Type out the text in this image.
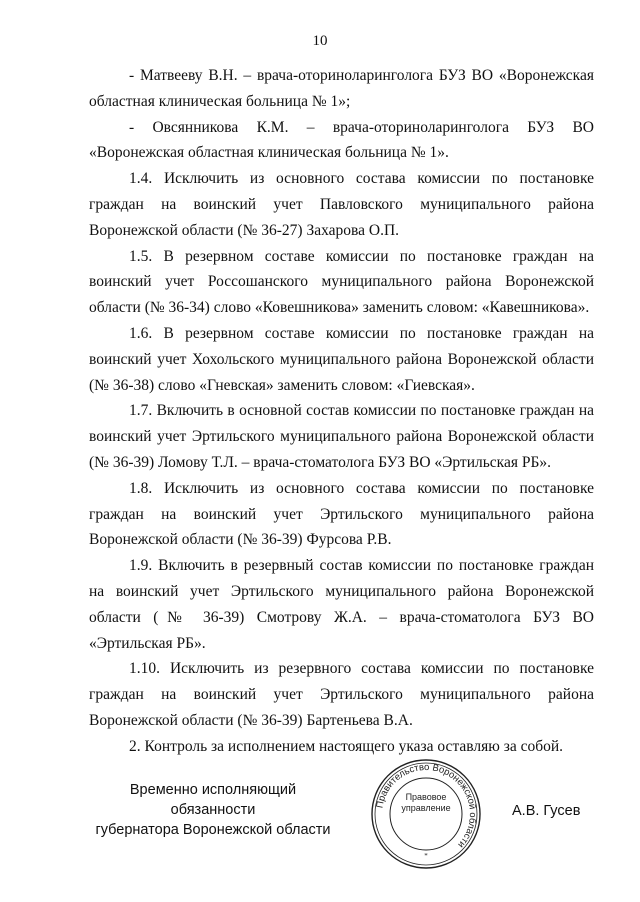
10

- Матвееву В.Н. – врача-оториноларинголога БУЗ ВО «Воронежская областная клиническая больница № 1»;

- Овсянникова К.М. – врача-оториноларинголога БУЗ ВО «Воронежская областная клиническая больница № 1».

1.4. Исключить из основного состава комиссии по постановке граждан на воинский учет Павловского муниципального района Воронежской области (№ 36-27) Захарова О.П.

1.5. В резервном составе комиссии по постановке граждан на воинский учет Россошанского муниципального района Воронежской области (№ 36-34) слово «Ковешникова» заменить словом: «Кавешникова».

1.6. В резервном составе комиссии по постановке граждан на воинский учет Хохольского муниципального района Воронежской области (№ 36-38) слово «Гневская» заменить словом: «Гиевская».

1.7. Включить в основной состав комиссии по постановке граждан на воинский учет Эртильского муниципального района Воронежской области (№ 36-39) Ломову Т.Л. – врача-стоматолога БУЗ ВО «Эртильская РБ».

1.8. Исключить из основного состава комиссии по постановке граждан на воинский учет Эртильского муниципального района Воронежской области (№ 36-39) Фурсова Р.В.

1.9. Включить в резервный состав комиссии по постановке граждан на воинский учет Эртильского муниципального района Воронежской области (№ 36-39) Смотрову Ж.А. – врача-стоматолога БУЗ ВО «Эртильская РБ».

1.10. Исключить из резервного состава комиссии по постановке граждан на воинский учет Эртильского муниципального района Воронежской области (№ 36-39) Бартеньева В.А.

2. Контроль за исполнением настоящего указа оставляю за собой.

Временно исполняющий обязанности
губернатора Воронежской области
Правительство Воронежской области
*
Правовое
управление	А.В. Гусев
